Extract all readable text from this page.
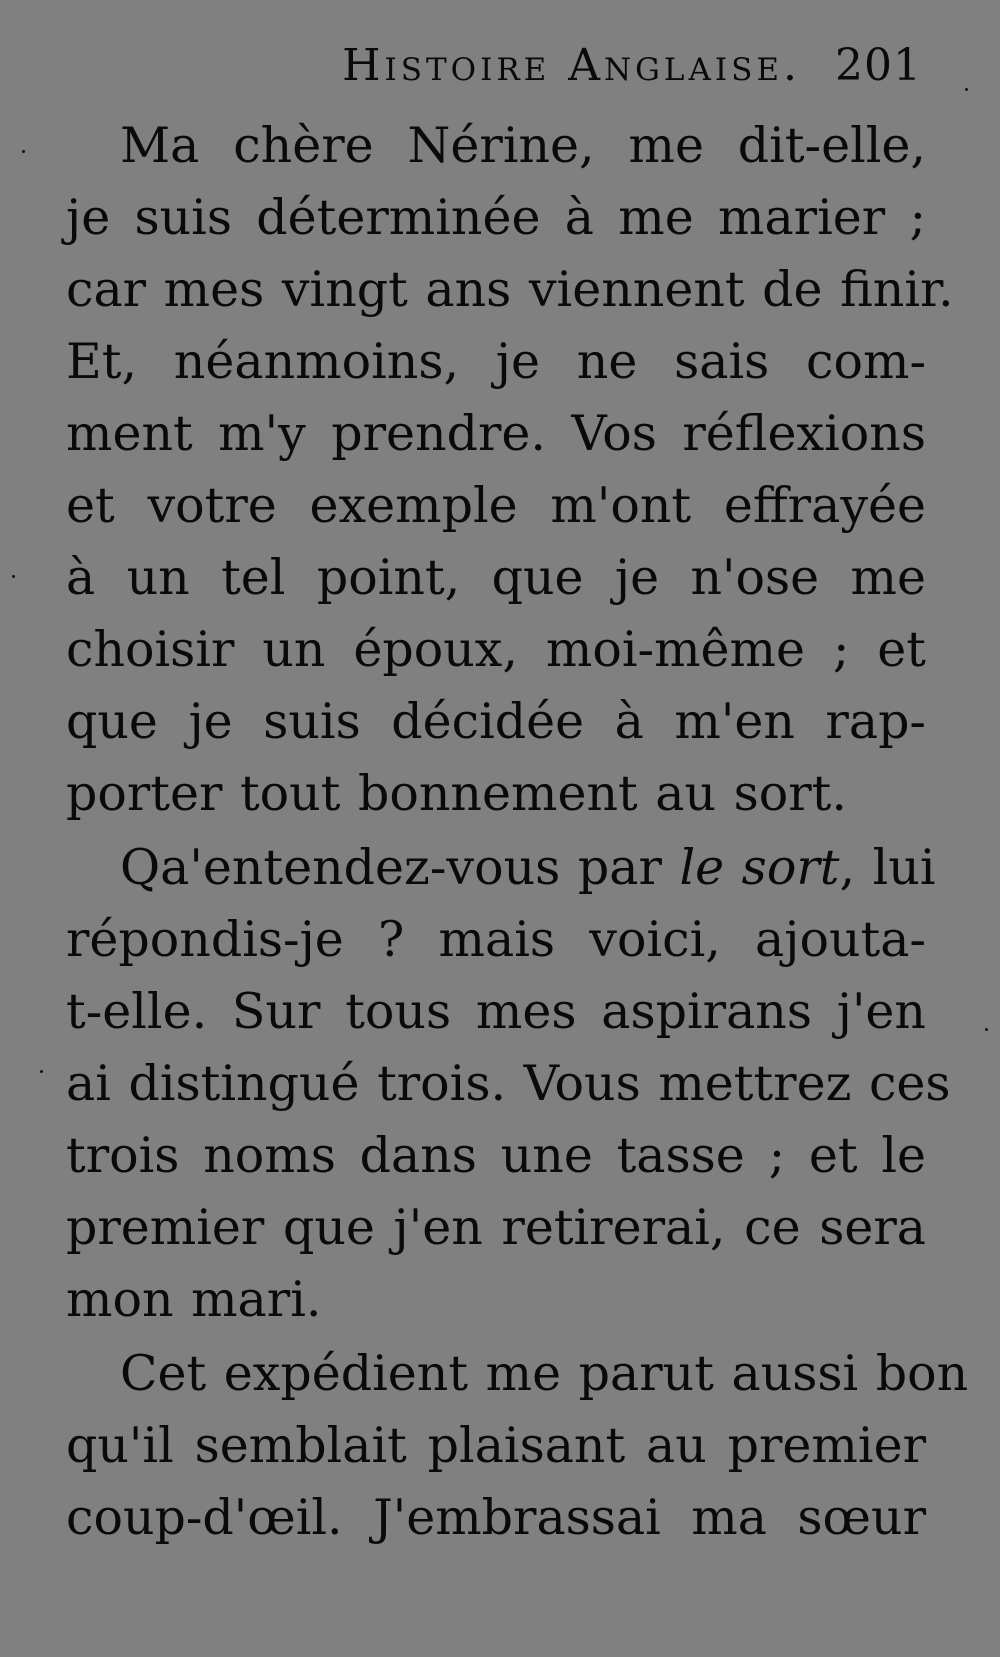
Histoire Anglaise. 201

Ma chère Nérine, me dit-elle,
je suis déterminée à me marier ;
car mes vingt ans viennent de finir.
Et, néanmoins, je ne sais com-
ment m'y prendre. Vos réflexions
et votre exemple m'ont effrayée
à un tel point, que je n'ose me
choisir un époux, moi-même ; et
que je suis décidée à m'en rap-
porter tout bonnement au sort.

Qa'entendez-vous par le sort, lui
répondis-je ? mais voici, ajouta-
t-elle. Sur tous mes aspirans j'en
ai distingué trois. Vous mettrez ces
trois noms dans une tasse ; et le
premier que j'en retirerai, ce sera
mon mari.

Cet expédient me parut aussi bon
qu'il semblait plaisant au premier
coup-d'œil. J'embrassai ma sœur
